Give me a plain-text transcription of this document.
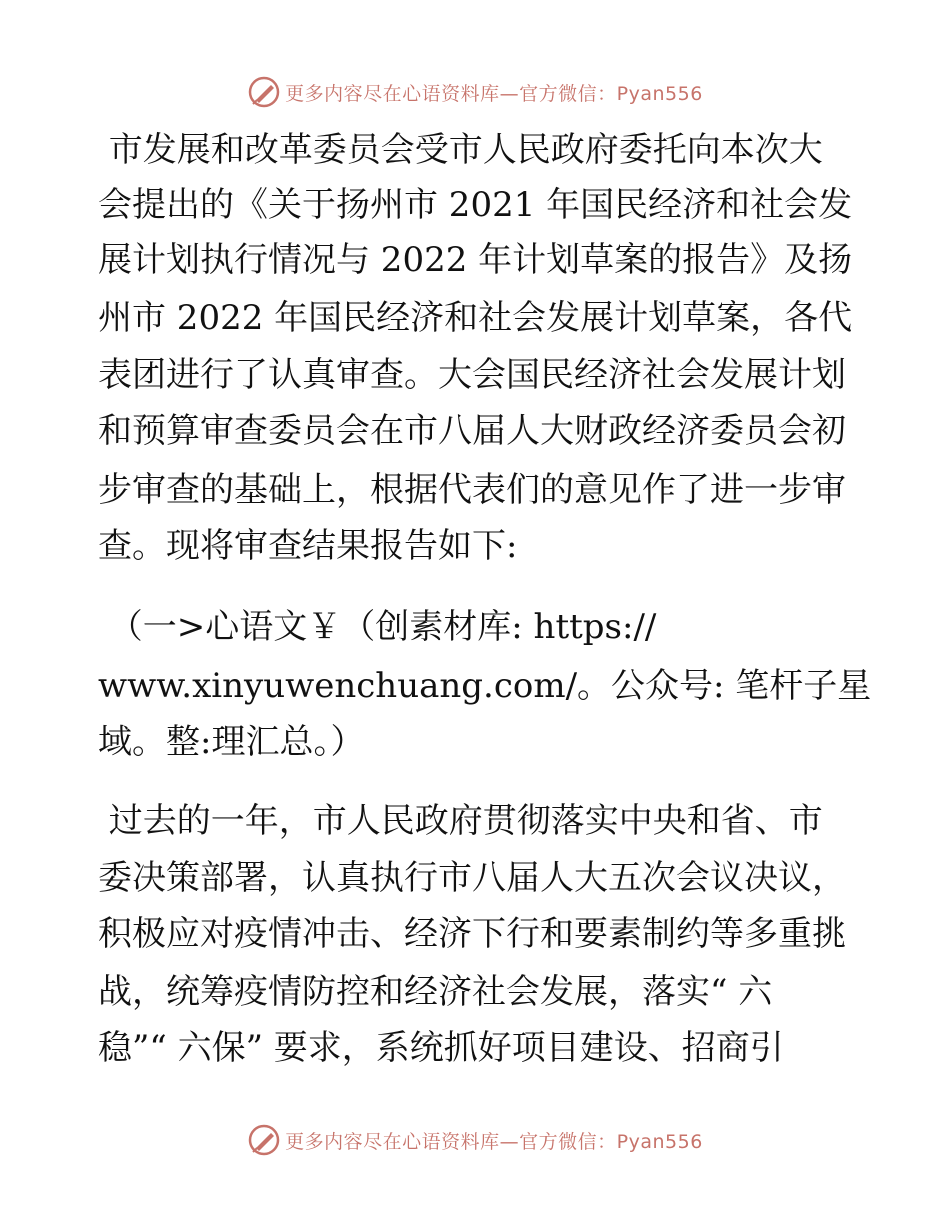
更多内容尽在心语资料库—官方微信：Pyan556
市发展和改革委员会受市人民政府委托向本次大
会提出的《关于扬州市 2021 年国民经济和社会发
展计划执行情况与 2022 年计划草案的报告》及扬
州市 2022 年国民经济和社会发展计划草案，各代
表团进行了认真审查。大会国民经济社会发展计划
和预算审查委员会在市八届人大财政经济委员会初
步审查的基础上，根据代表们的意见作了进一步审
查。现将审查结果报告如下:
（一>心语文￥（创素材库: https://
www.xinyuwenchuang.com/。公众号: 笔杆子星
域。整:理汇总。）
过去的一年，市人民政府贯彻落实中央和省、市
委决策部署，认真执行市八届人大五次会议决议，
积极应对疫情冲击、经济下行和要素制约等多重挑
战，统筹疫情防控和经济社会发展，落实“ 六
稳”“ 六保” 要求，系统抓好项目建设、招商引
更多内容尽在心语资料库—官方微信：Pyan556
